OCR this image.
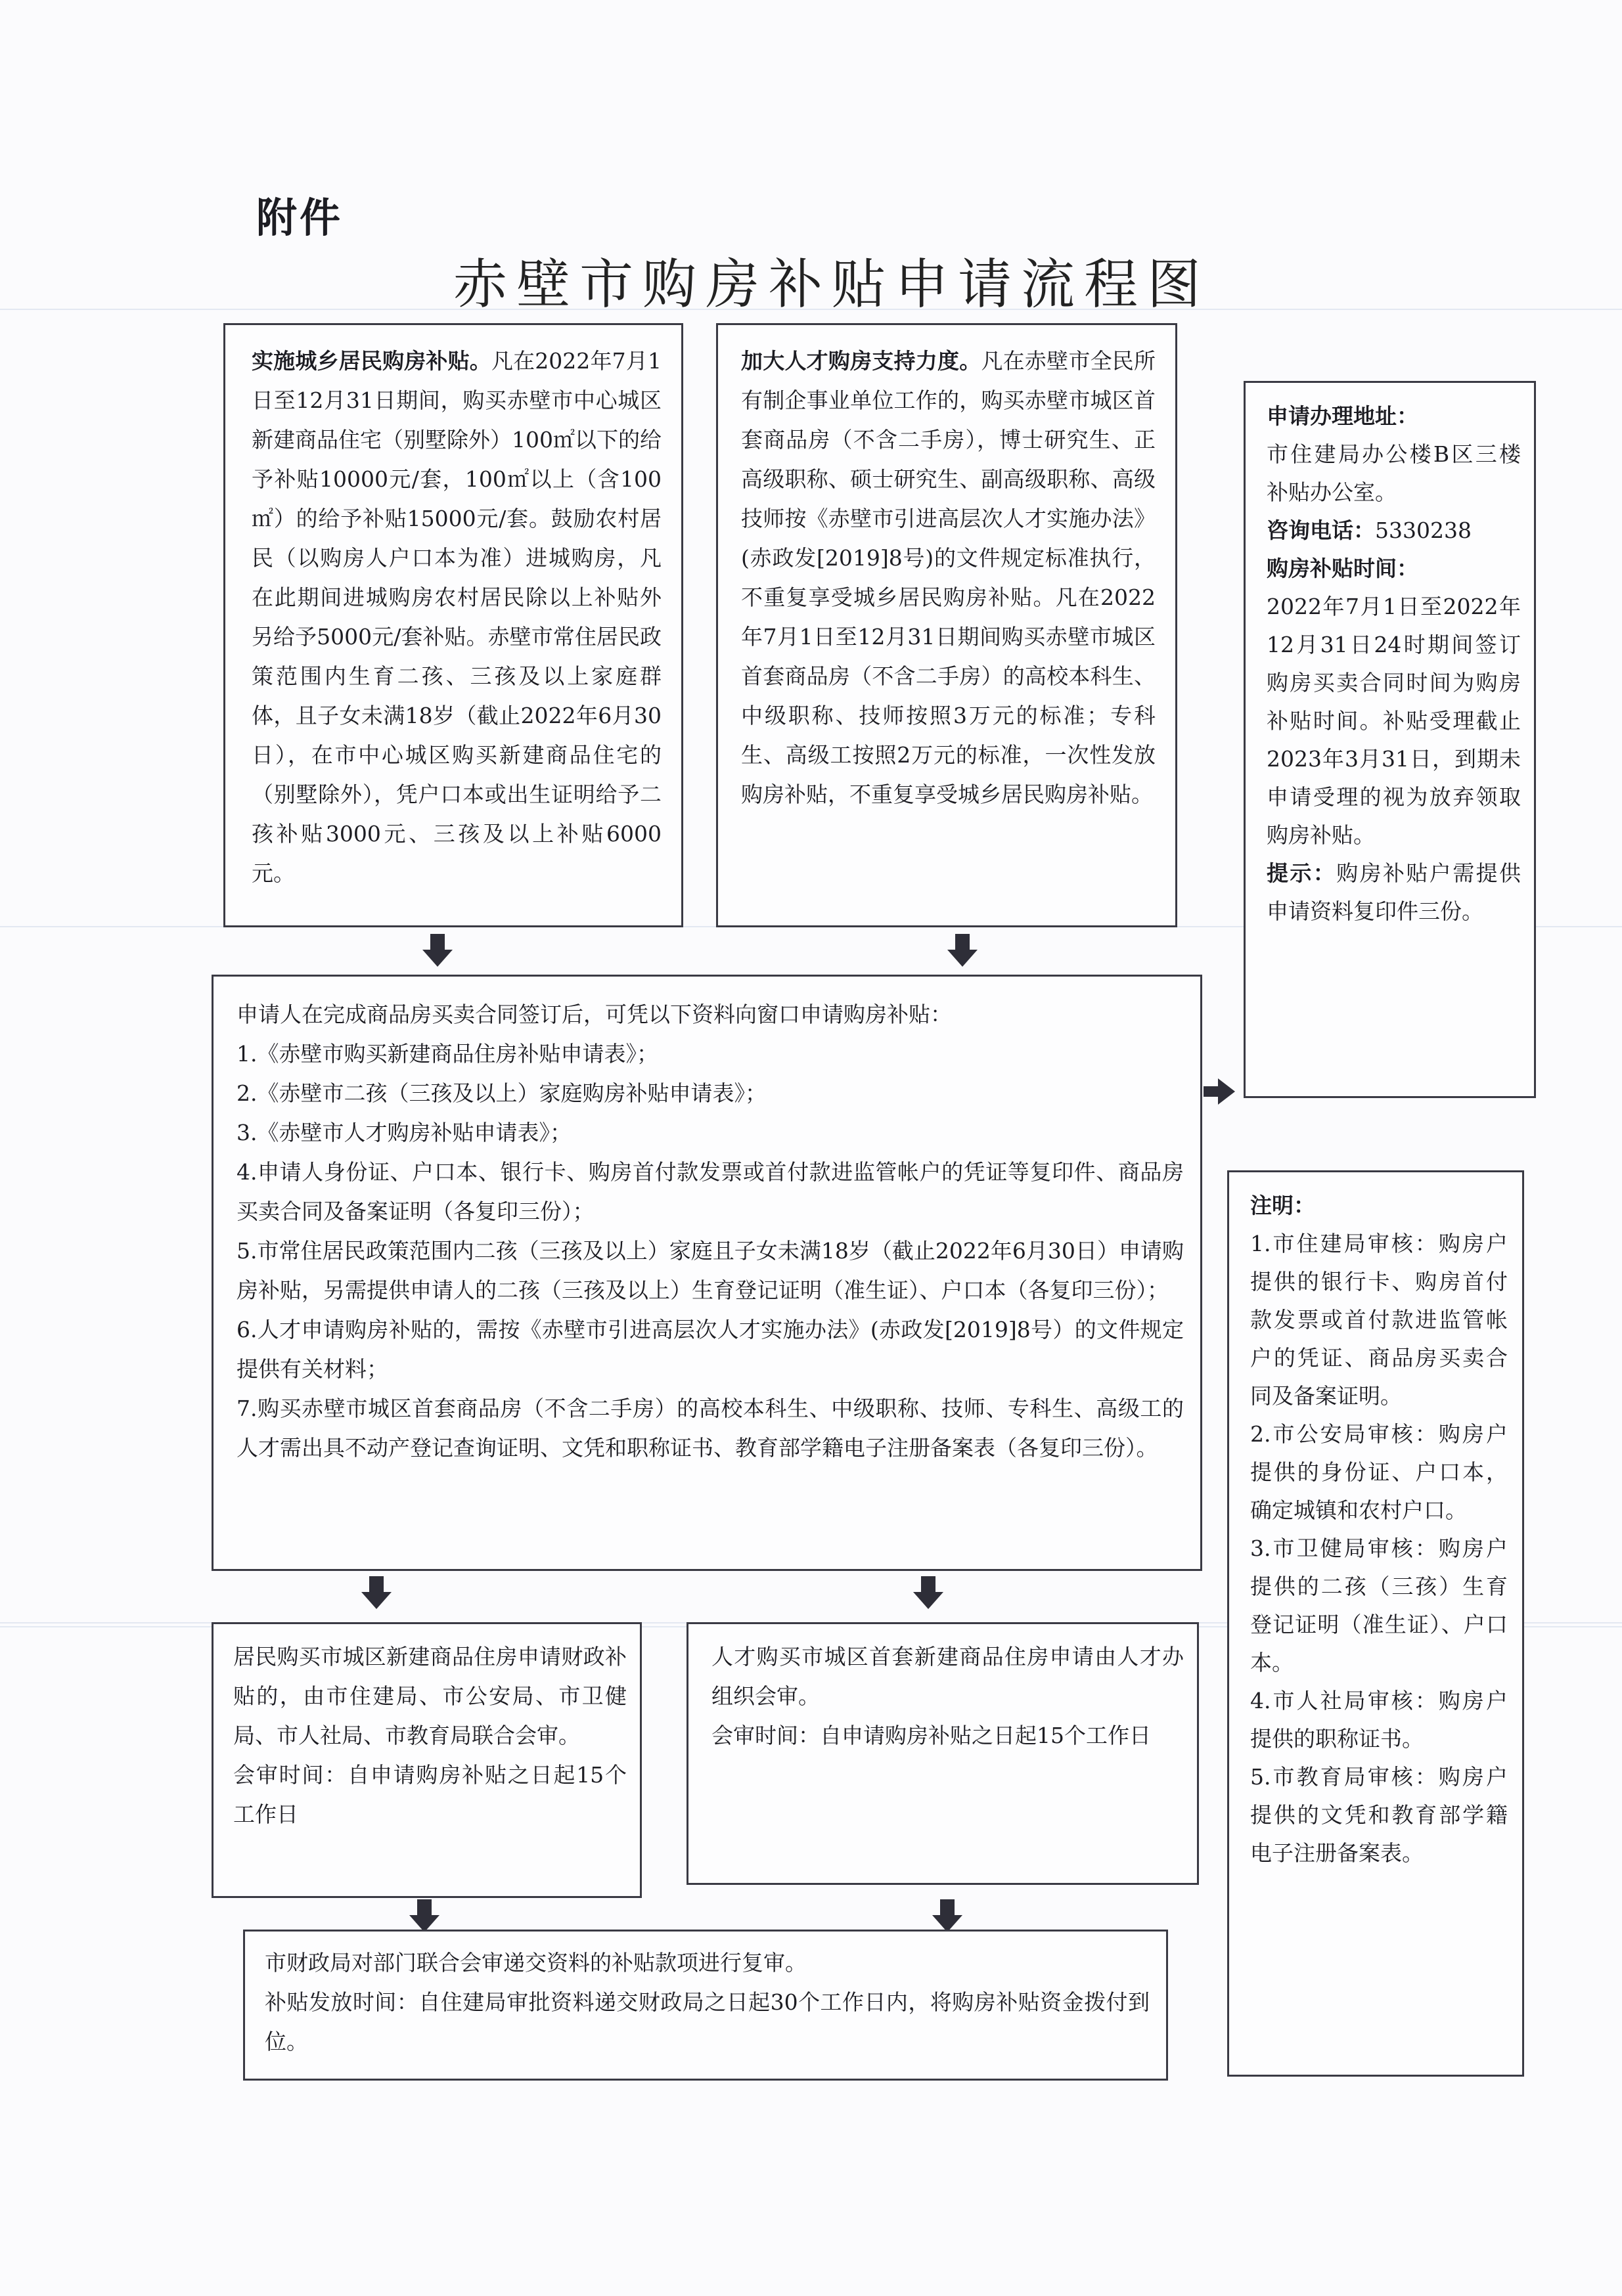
附件
赤壁市购房补贴申请流程图

实施城乡居民购房补贴。凡在2022年7月1日至12月31日期间，购买赤壁市中心城区新建商品住宅（别墅除外）100㎡以下的给予补贴10000元/套，100㎡以上（含100㎡）的给予补贴15000元/套。鼓励农村居民（以购房人户口本为准）进城购房，凡在此期间进城购房农村居民除以上补贴外另给予5000元/套补贴。赤壁市常住居民政策范围内生育二孩、三孩及以上家庭群体，且子女未满18岁（截止2022年6月30日），在市中心城区购买新建商品住宅的（别墅除外），凭户口本或出生证明给予二孩补贴3000元、三孩及以上补贴6000元。

加大人才购房支持力度。凡在赤壁市全民所有制企事业单位工作的，购买赤壁市城区首套商品房（不含二手房），博士研究生、正高级职称、硕士研究生、副高级职称、高级技师按《赤壁市引进高层次人才实施办法》(赤政发[2019]8号)的文件规定标准执行，不重复享受城乡居民购房补贴。凡在2022年7月1日至12月31日期间购买赤壁市城区首套商品房（不含二手房）的高校本科生、中级职称、技师按照3万元的标准；专科生、高级工按照2万元的标准，一次性发放购房补贴，不重复享受城乡居民购房补贴。

申请办理地址：

市住建局办公楼B区三楼补贴办公室。

咨询电话：5330238

购房补贴时间：

2022年7月1日至2022年12月31日24时期间签订购房买卖合同时间为购房补贴时间。补贴受理截止2023年3月31日，到期未申请受理的视为放弃领取购房补贴。

提示：购房补贴户需提供申请资料复印件三份。

申请人在完成商品房买卖合同签订后，可凭以下资料向窗口申请购房补贴：

1.《赤壁市购买新建商品住房补贴申请表》；

2.《赤壁市二孩（三孩及以上）家庭购房补贴申请表》；

3.《赤壁市人才购房补贴申请表》；

4.申请人身份证、户口本、银行卡、购房首付款发票或首付款进监管帐户的凭证等复印件、商品房买卖合同及备案证明（各复印三份）；

5.市常住居民政策范围内二孩（三孩及以上）家庭且子女未满18岁（截止2022年6月30日）申请购房补贴，另需提供申请人的二孩（三孩及以上）生育登记证明（准生证）、户口本（各复印三份）；

6.人才申请购房补贴的，需按《赤壁市引进高层次人才实施办法》(赤政发[2019]8号）的文件规定提供有关材料；

7.购买赤壁市城区首套商品房（不含二手房）的高校本科生、中级职称、技师、专科生、高级工的人才需出具不动产登记查询证明、文凭和职称证书、教育部学籍电子注册备案表（各复印三份）。

注明：

1.市住建局审核：购房户提供的银行卡、购房首付款发票或首付款进监管帐户的凭证、商品房买卖合同及备案证明。

2.市公安局审核：购房户提供的身份证、户口本，确定城镇和农村户口。

3.市卫健局审核：购房户提供的二孩（三孩）生育登记证明（准生证）、户口本。

4.市人社局审核：购房户提供的职称证书。

5.市教育局审核：购房户提供的文凭和教育部学籍电子注册备案表。

居民购买市城区新建商品住房申请财政补贴的，由市住建局、市公安局、市卫健局、市人社局、市教育局联合会审。

会审时间：自申请购房补贴之日起15个工作日

人才购买市城区首套新建商品住房申请由人才办组织会审。

会审时间：自申请购房补贴之日起15个工作日

市财政局对部门联合会审递交资料的补贴款项进行复审。

补贴发放时间：自住建局审批资料递交财政局之日起30个工作日内，将购房补贴资金拨付到位。
